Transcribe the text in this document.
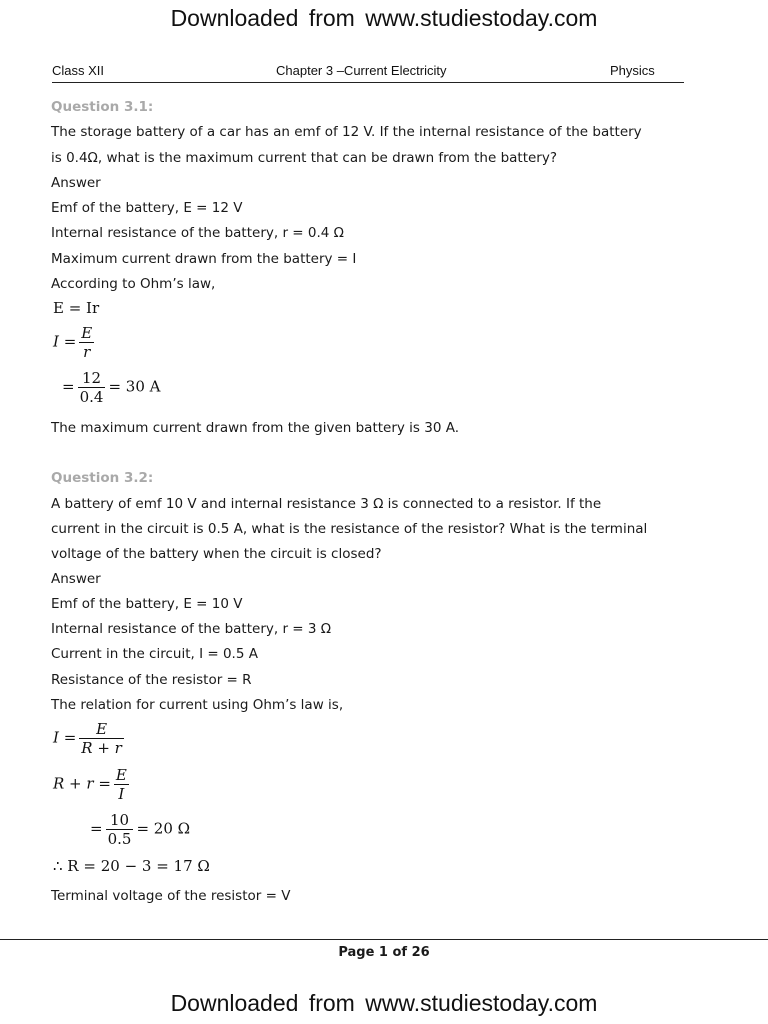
Downloaded from www.studiestoday.com
Class XII	Chapter 3 –Current Electricity	Physics
Question 3.1:
The storage battery of a car has an emf of 12 V. If the internal resistance of the battery
is 0.4Ω, what is the maximum current that can be drawn from the battery?
Answer
Emf of the battery, E = 12 V
Internal resistance of the battery, r = 0.4 Ω
Maximum current drawn from the battery = I
According to Ohm’s law,
E = Ir
$I = \frac{E}{r}$
= $\frac{12}{0.4} = 30$ A
The maximum current drawn from the given battery is 30 A.
Question 3.2:
A battery of emf 10 V and internal resistance 3 Ω is connected to a resistor. If the
current in the circuit is 0.5 A, what is the resistance of the resistor? What is the terminal
voltage of the battery when the circuit is closed?
Answer
Emf of the battery, E = 10 V
Internal resistance of the battery, r = 3 Ω
Current in the circuit, I = 0.5 A
Resistance of the resistor = R
The relation for current using Ohm’s law is,
$I = \frac{E}{R + r}$
$R + r = \frac{E}{I}$
= $\frac{10}{0.5} = 20$ Ω
∴ R = 20 − 3 = 17 Ω
Terminal voltage of the resistor = V
Page 1 of 26
Downloaded from www.studiestoday.com
